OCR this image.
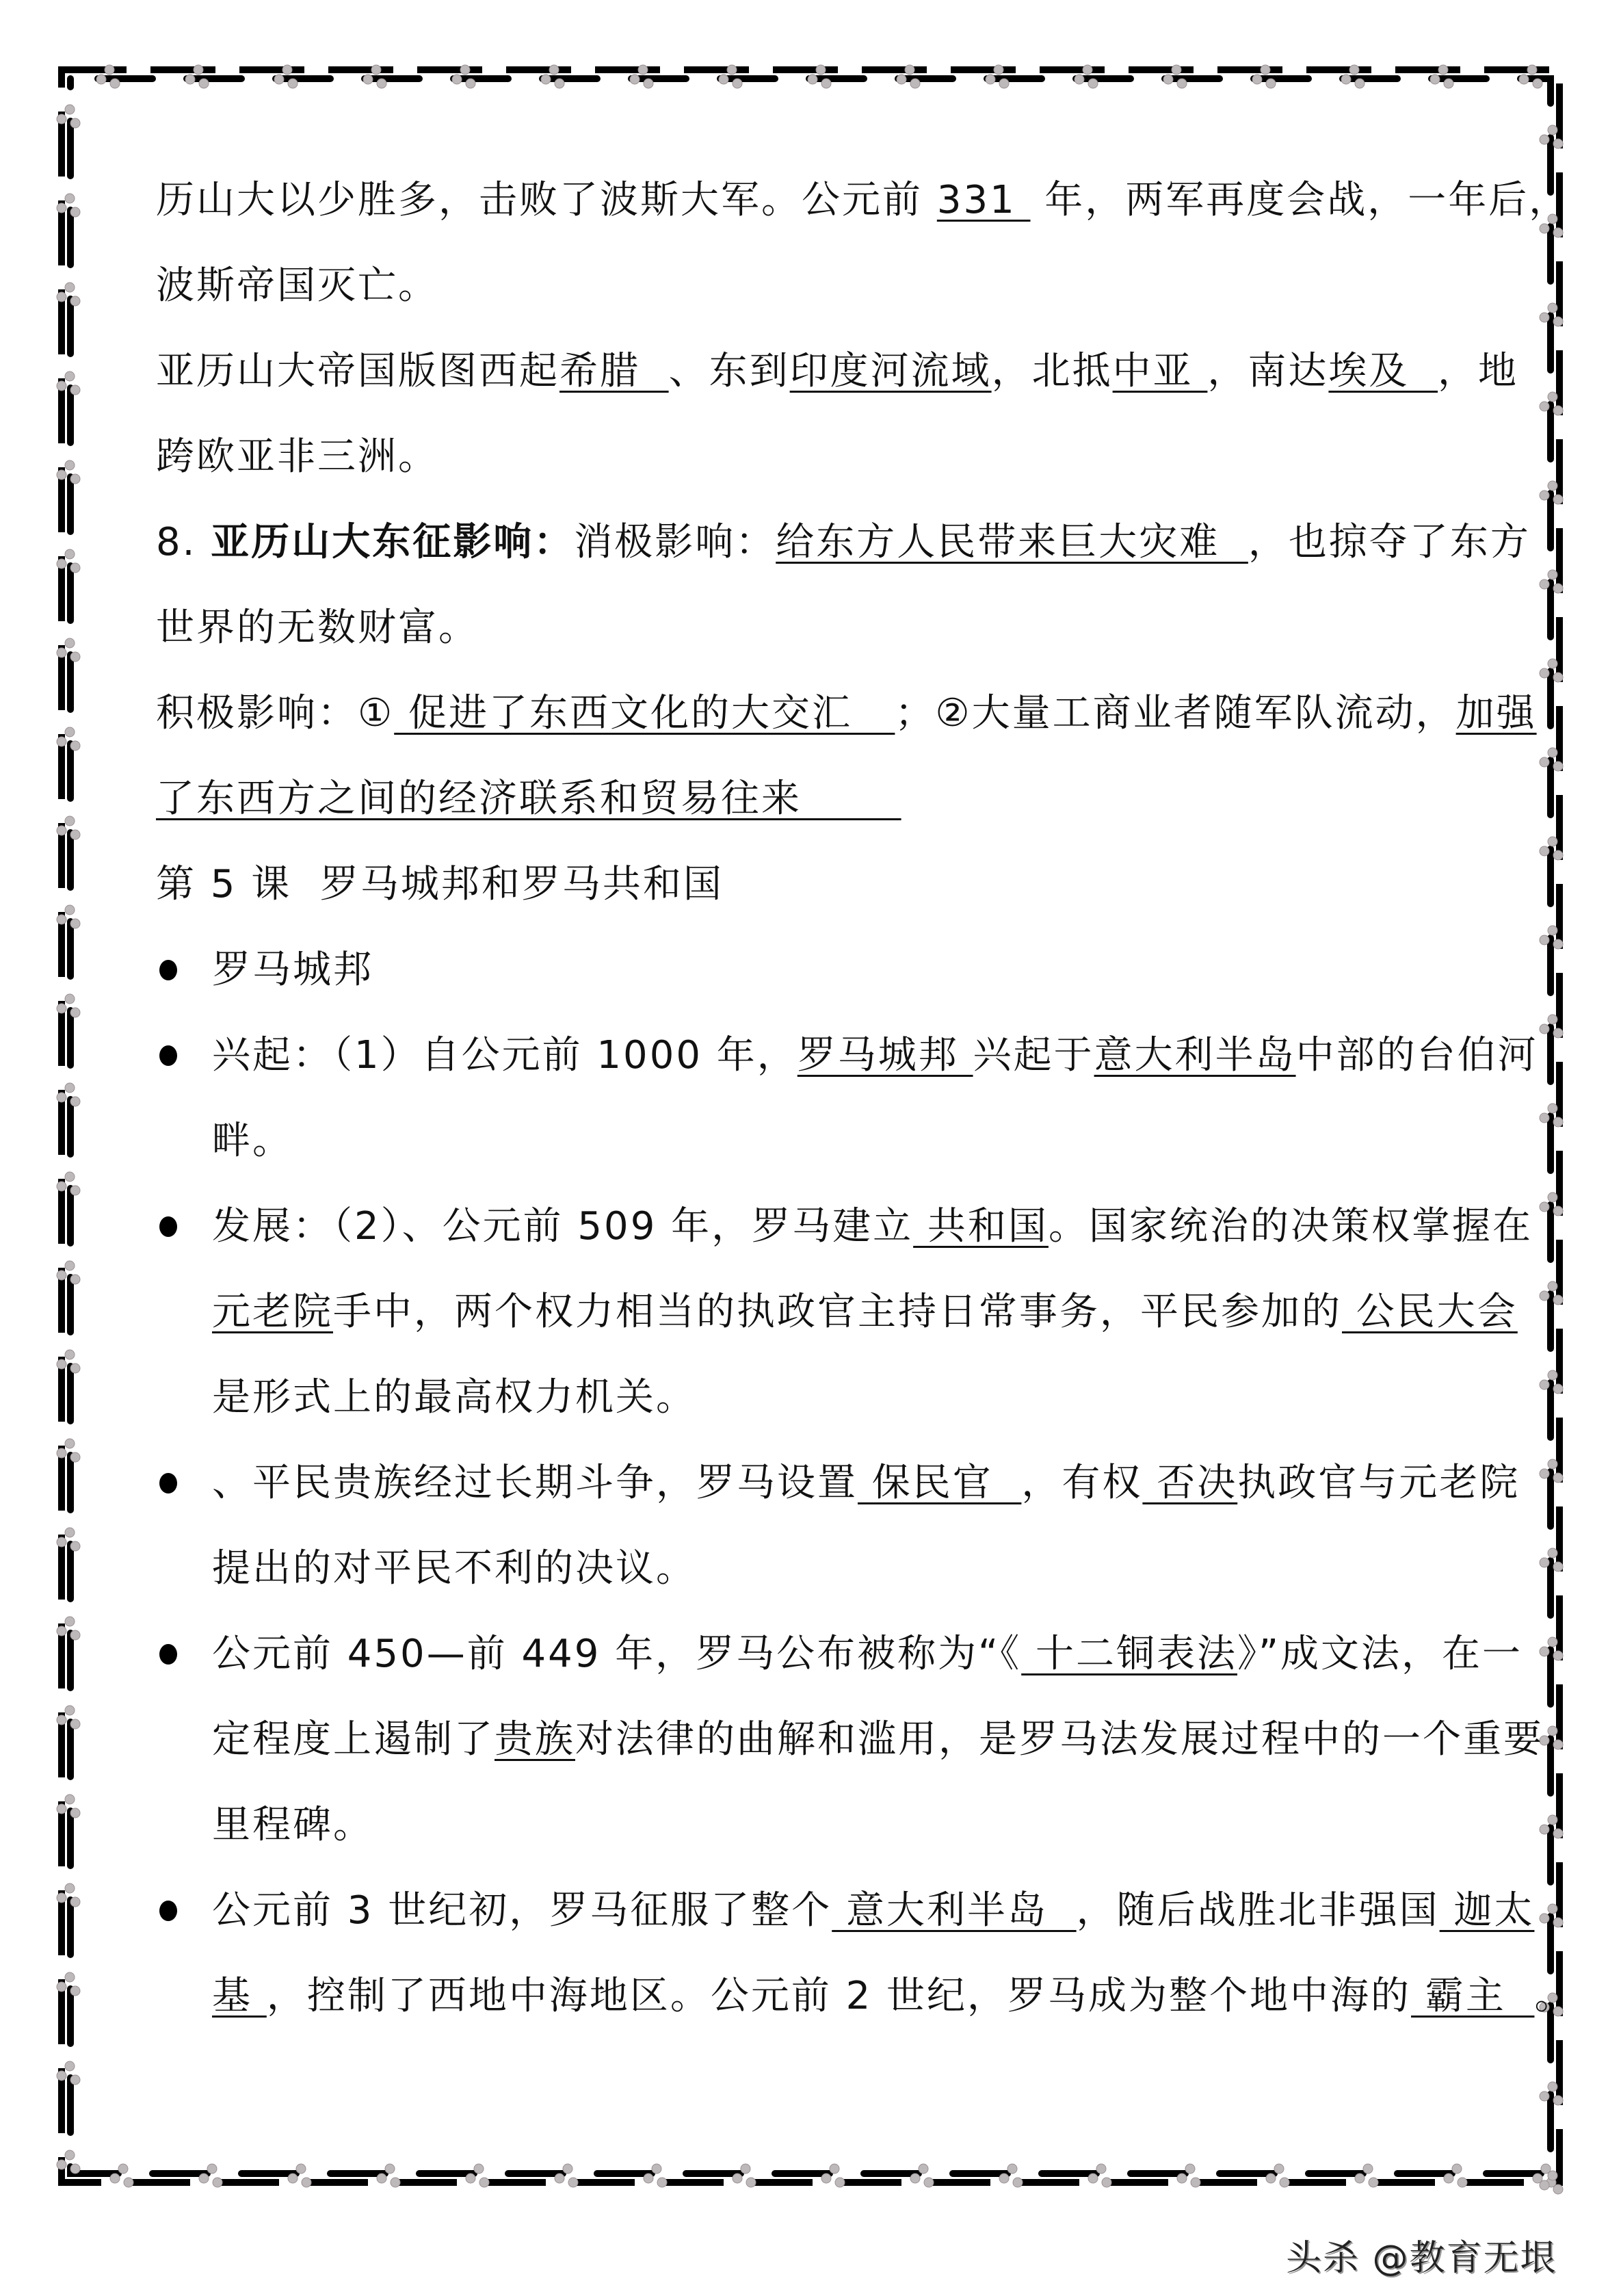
历山大以少胜多，击败了波斯大军。公元前 331  年，两军再度会战，一年后，
波斯帝国灭亡。
亚历山大帝国版图西起希腊  、东到印度河流域，北抵中亚 ，南达埃及  ，地
跨欧亚非三洲。
8. 亚历山大东征影响：消极影响：给东方人民带来巨大灾难  ，也掠夺了东方
世界的无数财富。
积极影响：① 促进了东西文化的大交汇   ；②大量工商业者随军队流动，加强
了东西方之间的经济联系和贸易往来
第 5 课  罗马城邦和罗马共和国
罗马城邦
兴起：（1）自公元前 1000 年，罗马城邦 兴起于意大利半岛中部的台伯河
畔。
发展：（2）、公元前 509 年，罗马建立 共和国。国家统治的决策权掌握在
元老院手中，两个权力相当的执政官主持日常事务，平民参加的 公民大会
是形式上的最高权力机关。
、平民贵族经过长期斗争，罗马设置 保民官  ，有权 否决执政官与元老院
提出的对平民不利的决议。
公元前 450—前 449 年，罗马公布被称为“《 十二铜表法》”成文法，在一
定程度上遏制了贵族对法律的曲解和滥用，是罗马法发展过程中的一个重要
里程碑。
公元前 3 世纪初，罗马征服了整个 意大利半岛  ，随后战胜北非强国 迦太
基 ，控制了西地中海地区。公元前 2 世纪，罗马成为整个地中海的 霸主  。
头杀 @教育无垠
